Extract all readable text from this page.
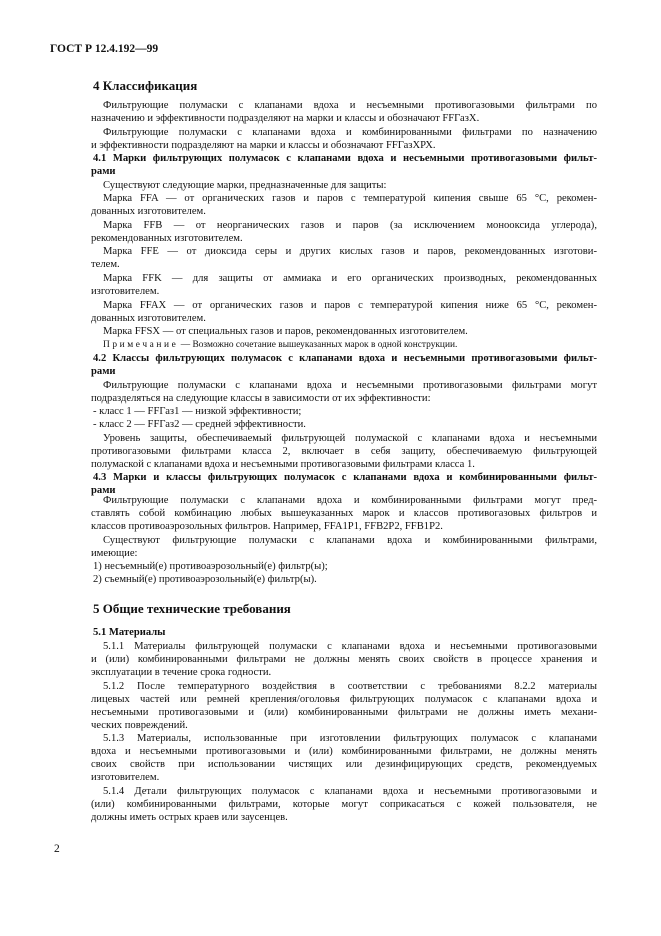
ГОСТ Р 12.4.192—99
4 Классификация
Фильтрующие полумаски с клапанами вдоха и несъемными противогазовыми фильтрами по
назначению и эффективности подразделяют на марки и классы и обозначают FFГазХ.
Фильтрующие полумаски с клапанами вдоха и комбинированными фильтрами по назначению
и эффективности подразделяют на марки и классы и обозначают FFГазХРХ.
4.1 Марки фильтрующих полумасок с клапанами вдоха и несъемными противогазовыми фильт-
рами
Существуют следующие марки, предназначенные для защиты:
Марка FFA — от органических газов и паров с температурой кипения свыше 65 °С, рекомен-
дованных изготовителем.
Марка FFB — от неорганических газов и паров (за исключением монооксида углерода),
рекомендованных изготовителем.
Марка FFE — от диоксида серы и других кислых газов и паров, рекомендованных изготови-
телем.
Марка FFK — для защиты от аммиака и его органических производных, рекомендованных
изготовителем.
Марка FFAX — от органических газов и паров с температурой кипения ниже 65 °С, рекомен-
дованных изготовителем.
Марка FFSX — от специальных газов и паров, рекомендованных изготовителем.
Примечание — Возможно сочетание вышеуказанных марок в одной конструкции.
4.2 Классы фильтрующих полумасок с клапанами вдоха и несъемными противогазовыми фильт-
рами
Фильтрующие полумаски с клапанами вдоха и несъемными противогазовыми фильтрами могут
подразделяться на следующие классы в зависимости от их эффективности:
- класс 1 — FFГаз1 — низкой эффективности;
- класс 2 — FFГаз2 — средней эффективности.
Уровень защиты, обеспечиваемый фильтрующей полумаской с клапанами вдоха и несъемными
противогазовыми фильтрами класса 2, включает в себя защиту, обеспечиваемую фильтрующей
полумаской с клапанами вдоха и несъемными противогазовыми фильтрами класса 1.
4.3 Марки и классы фильтрующих полумасок с клапанами вдоха и комбинированными фильт-
рами
Фильтрующие полумаски с клапанами вдоха и комбинированными фильтрами могут пред-
ставлять собой комбинацию любых вышеуказанных марок и классов противогазовых фильтров и
классов противоаэрозольных фильтров. Например, FFA1P1, FFB2P2, FFB1P2.
Существуют фильтрующие полумаски с клапанами вдоха и комбинированными фильтрами,
имеющие:
1) несъемный(е) противоаэрозольный(е) фильтр(ы);
2) съемный(е) противоаэрозольный(е) фильтр(ы).
5 Общие технические требования
5.1 Материалы
5.1.1 Материалы фильтрующей полумаски с клапанами вдоха и несъемными противогазовыми
и (или) комбинированными фильтрами не должны менять своих свойств в процессе хранения и
эксплуатации в течение срока годности.
5.1.2 После температурного воздействия в соответствии с требованиями 8.2.2 материалы
лицевых частей или ремней крепления/оголовья фильтрующих полумасок с клапанами вдоха и
несъемными противогазовыми и (или) комбинированными фильтрами не должны иметь механи-
ческих повреждений.
5.1.3 Материалы, использованные при изготовлении фильтрующих полумасок с клапанами
вдоха и несъемными противогазовыми и (или) комбинированными фильтрами, не должны менять
своих свойств при использовании чистящих или дезинфицирующих средств, рекомендуемых
изготовителем.
5.1.4 Детали фильтрующих полумасок с клапанами вдоха и несъемными противогазовыми и
(или) комбинированными фильтрами, которые могут соприкасаться с кожей пользователя, не
должны иметь острых краев или заусенцев.
2
